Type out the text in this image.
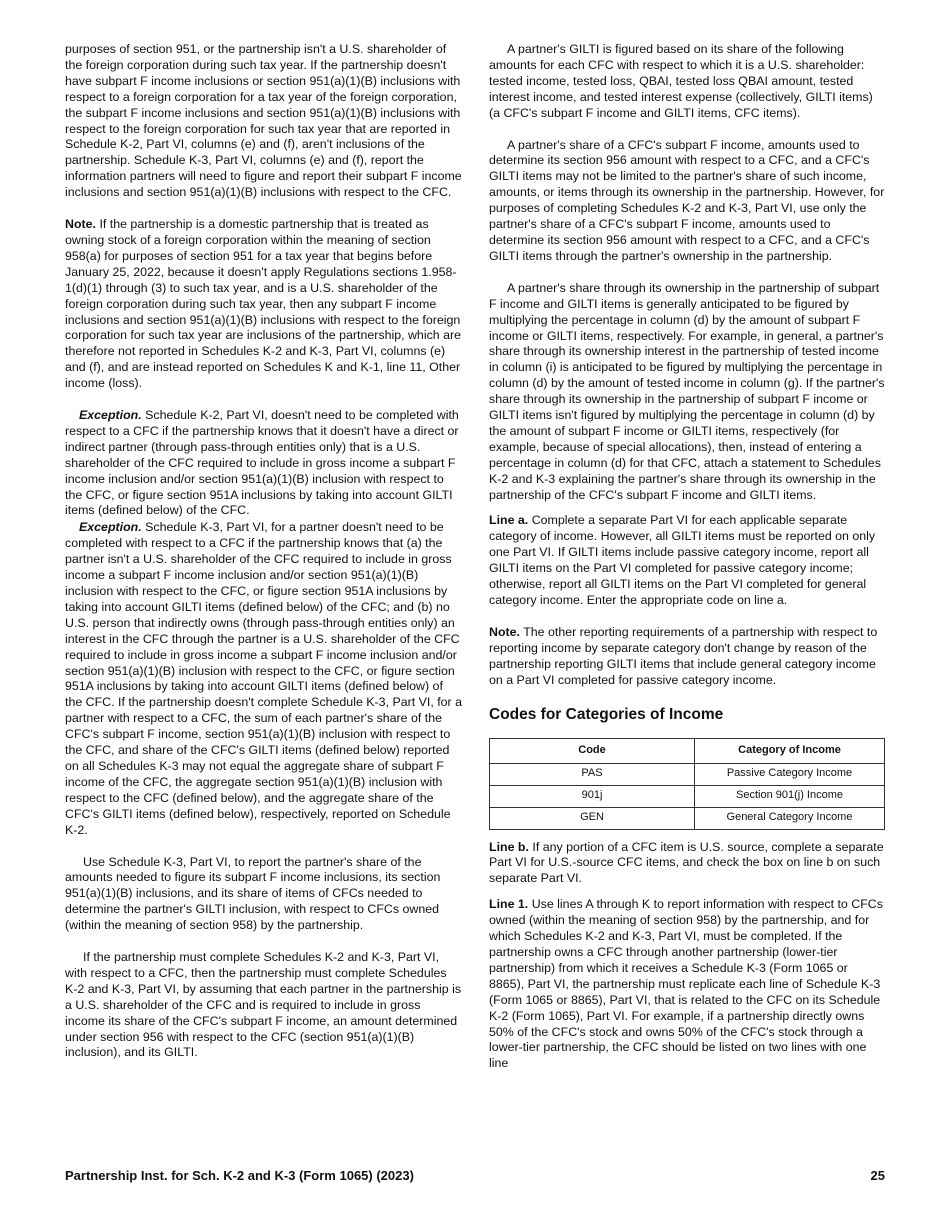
purposes of section 951, or the partnership isn't a U.S. shareholder of the foreign corporation during such tax year. If the partnership doesn't have subpart F income inclusions or section 951(a)(1)(B) inclusions with respect to a foreign corporation for a tax year of the foreign corporation, the subpart F income inclusions and section 951(a)(1)(B) inclusions with respect to the foreign corporation for such tax year that are reported in Schedule K-2, Part VI, columns (e) and (f), aren't inclusions of the partnership. Schedule K-3, Part VI, columns (e) and (f), report the information partners will need to figure and report their subpart F income inclusions and section 951(a)(1)(B) inclusions with respect to the CFC.

Note. If the partnership is a domestic partnership that is treated as owning stock of a foreign corporation within the meaning of section 958(a) for purposes of section 951 for a tax year that begins before January 25, 2022, because it doesn't apply Regulations sections 1.958-1(d)(1) through (3) to such tax year, and is a U.S. shareholder of the foreign corporation during such tax year, then any subpart F income inclusions and section 951(a)(1)(B) inclusions with respect to the foreign corporation for such tax year are inclusions of the partnership, which are therefore not reported in Schedules K-2 and K-3, Part VI, columns (e) and (f), and are instead reported on Schedules K and K-1, line 11, Other income (loss).

Exception. Schedule K-2, Part VI, doesn't need to be completed with respect to a CFC if the partnership knows that it doesn't have a direct or indirect partner (through pass-through entities only) that is a U.S. shareholder of the CFC required to include in gross income a subpart F income inclusion and/or section 951(a)(1)(B) inclusion with respect to the CFC, or figure section 951A inclusions by taking into account GILTI items (defined below) of the CFC.

Exception. Schedule K-3, Part VI, for a partner doesn't need to be completed with respect to a CFC if the partnership knows that (a) the partner isn't a U.S. shareholder of the CFC required to include in gross income a subpart F income inclusion and/or section 951(a)(1)(B) inclusion with respect to the CFC, or figure section 951A inclusions by taking into account GILTI items (defined below) of the CFC; and (b) no U.S. person that indirectly owns (through pass-through entities only) an interest in the CFC through the partner is a U.S. shareholder of the CFC required to include in gross income a subpart F income inclusion and/or section 951(a)(1)(B) inclusion with respect to the CFC, or figure section 951A inclusions by taking into account GILTI items (defined below) of the CFC. If the partnership doesn't complete Schedule K-3, Part VI, for a partner with respect to a CFC, the sum of each partner's share of the CFC's subpart F income, section 951(a)(1)(B) inclusion with respect to the CFC, and share of the CFC's GILTI items (defined below) reported on all Schedules K-3 may not equal the aggregate share of subpart F income of the CFC, the aggregate section 951(a)(1)(B) inclusion with respect to the CFC (defined below), and the aggregate share of the CFC's GILTI items (defined below), respectively, reported on Schedule K-2.

Use Schedule K-3, Part VI, to report the partner's share of the amounts needed to figure its subpart F income inclusions, its section 951(a)(1)(B) inclusions, and its share of items of CFCs needed to determine the partner's GILTI inclusion, with respect to CFCs owned (within the meaning of section 958) by the partnership.

If the partnership must complete Schedules K-2 and K-3, Part VI, with respect to a CFC, then the partnership must complete Schedules K-2 and K-3, Part VI, by assuming that each partner in the partnership is a U.S. shareholder of the CFC and is required to include in gross income its share of the CFC's subpart F income, an amount determined under section 956 with respect to the CFC (section 951(a)(1)(B) inclusion), and its GILTI.

A partner's GILTI is figured based on its share of the following amounts for each CFC with respect to which it is a U.S. shareholder: tested income, tested loss, QBAI, tested loss QBAI amount, tested interest income, and tested interest expense (collectively, GILTI items) (a CFC's subpart F income and GILTI items, CFC items).

A partner's share of a CFC's subpart F income, amounts used to determine its section 956 amount with respect to a CFC, and a CFC's GILTI items may not be limited to the partner's share of such income, amounts, or items through its ownership in the partnership. However, for purposes of completing Schedules K-2 and K-3, Part VI, use only the partner's share of a CFC's subpart F income, amounts used to determine its section 956 amount with respect to a CFC, and a CFC's GILTI items through the partner's ownership in the partnership.

A partner's share through its ownership in the partnership of subpart F income and GILTI items is generally anticipated to be figured by multiplying the percentage in column (d) by the amount of subpart F income or GILTI items, respectively. For example, in general, a partner's share through its ownership interest in the partnership of tested income in column (i) is anticipated to be figured by multiplying the percentage in column (d) by the amount of tested income in column (g). If the partner's share through its ownership in the partnership of subpart F income or GILTI items isn't figured by multiplying the percentage in column (d) by the amount of subpart F income or GILTI items, respectively (for example, because of special allocations), then, instead of entering a percentage in column (d) for that CFC, attach a statement to Schedules K-2 and K-3 explaining the partner's share through its ownership in the partnership of the CFC's subpart F income and GILTI items.

Line a. Complete a separate Part VI for each applicable separate category of income. However, all GILTI items must be reported on only one Part VI. If GILTI items include passive category income, report all GILTI items on the Part VI completed for passive category income; otherwise, report all GILTI items on the Part VI completed for general category income. Enter the appropriate code on line a.

Note. The other reporting requirements of a partnership with respect to reporting income by separate category don't change by reason of the partnership reporting GILTI items that include general category income on a Part VI completed for passive category income.

Codes for Categories of Income
Code	Category of Income
PAS	Passive Category Income
901j	Section 901(j) Income
GEN	General Category Income

Line b. If any portion of a CFC item is U.S. source, complete a separate Part VI for U.S.-source CFC items, and check the box on line b on such separate Part VI.

Line 1. Use lines A through K to report information with respect to CFCs owned (within the meaning of section 958) by the partnership, and for which Schedules K-2 and K-3, Part VI, must be completed. If the partnership owns a CFC through another partnership (lower-tier partnership) from which it receives a Schedule K-3 (Form 1065 or 8865), Part VI, the partnership must replicate each line of Schedule K-3 (Form 1065 or 8865), Part VI, that is related to the CFC on its Schedule K-2 (Form 1065), Part VI. For example, if a partnership directly owns 50% of the CFC's stock and owns 50% of the CFC's stock through a lower-tier partnership, the CFC should be listed on two lines with one line

Partnership Inst. for Sch. K-2 and K-3 (Form 1065) (2023)	25
